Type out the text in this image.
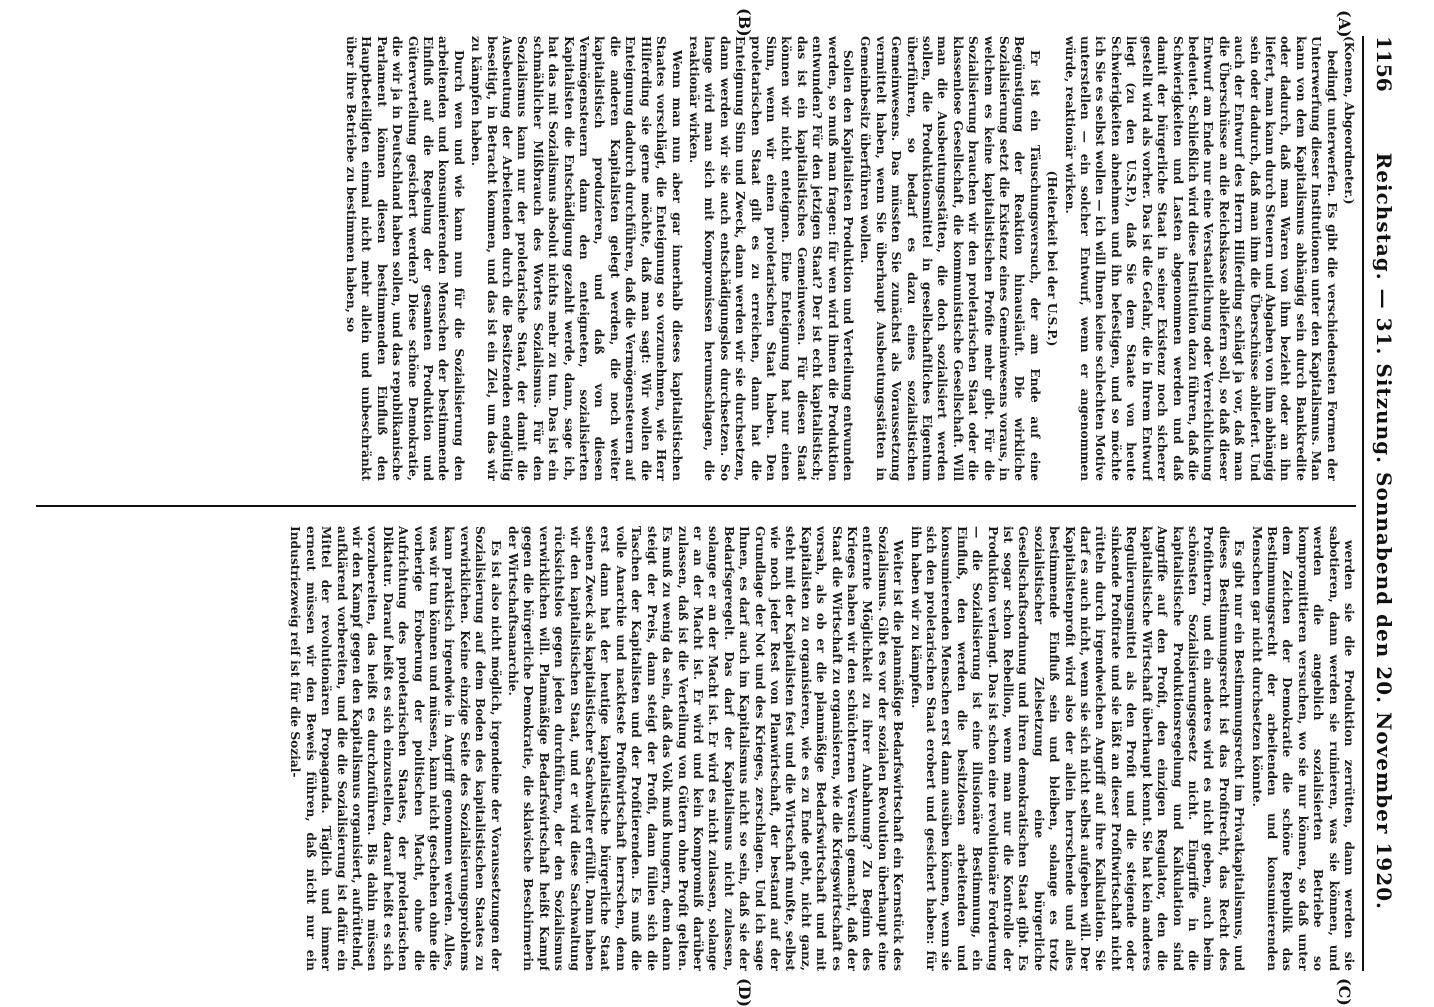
1156
Reichstag. — 31. Sitzung. Sonnabend den 20. November 1920.
(A)
(B)
(C)
(D)

(Koenen, Abgeordneter.)

bedingt unterwerfen. Es gibt die verschiedensten Formen der Unterwerfung dieser Institutionen unter den Kapitalismus. Man kann von dem Kapitalismus abhängig sein durch Bankkredite oder dadurch, daß man Waren von ihm bezieht oder an ihn liefert, man kann durch Steuern und Abgaben von ihm abhängig sein oder dadurch, daß man ihm die Überschüsse abliefert. Und auch der Entwurf des Herrn Hilferding schlägt ja vor, daß man die Überschüsse an die Reichskasse abliefern soll, so daß dieser Entwurf am Ende nur eine Verstaatlichung oder Verreichlichung bedeutet. Schließlich wird diese Institution dazu führen, daß die Schwierigkeiten und Lasten abgenommen werden und daß damit der bürgerliche Staat in seiner Existenz noch sicherer gestellt wird als vorher. Das ist die Gefahr, die in Ihrem Entwurf liegt (zu den U.S.P.), daß Sie dem Staate von heute Schwierigkeiten abnehmen und ihn befestigen, und so möchte ich Sie es selbst wollen — ich will Ihnen keine schlechten Motive unterstellen — ein solcher Entwurf, wenn er angenommen würde, reaktionär wirken.

(Heiterkeit bei der U.S.P.)

Er ist ein Täuschungsversuch, der am Ende auf eine Begünstigung der Reaktion hinausläuft. Die wirkliche Sozialisierung setzt die Existenz eines Gemeinwesens voraus, in welchem es keine kapitalistischen Profite mehr gibt. Für die Sozialisierung brauchen wir den proletarischen Staat oder die klassenlose Gesellschaft, die kommunistische Gesellschaft. Will man die Ausbeutungsstätten, die doch sozialisiert werden sollen, die Produktionsmittel in gesellschaftliches Eigentum überführen, so bedarf es dazu eines sozialistischen Gemeinwesens. Das müssten Sie zunächst als Voraussetzung vermittelt haben, wenn Sie überhaupt Ausbeutungsstätten in Gemeinbesitz überführen wollen.

Sollen den Kapitalisten Produktion und Verteilung entwunden werden, so muß man fragen: für wen wird ihnen die Produktion entwunden? Für den jetzigen Staat? Der ist echt kapitalistisch; das ist ein kapitalistisches Gemeinwesen. Für diesen Staat können wir nicht enteignen. Eine Enteignung hat nur einen Sinn, wenn wir einen proletarischen Staat haben. Den proletarischen Staat gilt es zu erreichen, dann hat die Enteignung Sinn und Zweck, dann werden wir sie durchsetzen, dann werden wir sie auch entschädigungslos durchsetzen. So lange wird man sich mit Kompromissen herumschlagen, die reaktionär wirken.

Wenn man nun aber gar innerhalb dieses kapitalistischen Staates vorschlägt, die Enteignung so vorzunehmen, wie Herr Hilferding sie gerne möchte, daß man sagt: Wir wollen die Enteignung dadurch durchführen, daß die Vermögensteuern auf die anderen Kapitalisten gelegt werden, die noch weiter kapitalistisch produzieren, und daß von diesen Vermögensteuern dann den enteigneten, sozialisierten Kapitalisten die Entschädigung gezahlt werde, dann, sage ich, hat das mit Sozialismus absolut nichts mehr zu tun. Das ist ein schmählicher Mißbrauch des Wortes Sozialismus. Für den Sozialismus kann nur der proletarische Staat, der damit die Ausbeutung der Arbeitenden durch die Besitzenden endgültig beseitigt, in Betracht kommen, und das ist ein Ziel, um das wir zu kämpfen haben.

Durch wen und wie kann nun für die Sozialisierung den arbeitenden und konsumierenden Menschen der bestimmende Einfluß auf die Regelung der gesamten Produktion und Güterverteilung gesichert werden? Diese schöne Demokratie, die wir ja in Deutschland haben sollen, und das republikanische Parlament können diesen bestimmenden Einfluß den Hauptbeteiligten einmal nicht mehr allein und unbeschränkt über ihre Betriebe zu bestimmen haben, so

werden sie die Produktion zerrütten, dann werden sie sabotieren, dann werden sie ruinieren, was sie können, und werden die angeblich sozialisierten Betriebe so kompromittieren versuchen, wo sie nur können, so daß unter dem Zeichen der Demokratie die schöne Republik das Bestimmungsrecht der arbeitenden und konsumierenden Menschen gar nicht durchsetzen könnte.

Es gibt nur ein Bestimmungsrecht im Privatkapitalismus, und dieses Bestimmungsrecht ist das Profitrecht, das Recht des Profitherrn, und ein anderes wird es nicht geben, auch beim schönsten Sozialisierungsgesetz nicht. Eingriffe in die kapitalistische Produktionsregelung und Kalkulation sind Angriffe auf den Profit, den einzigen Regulator, den die kapitalistische Wirtschaft überhaupt kennt. Sie hat kein anderes Regulierungsmittel als den Profit und die steigende oder sinkende Profitrate und sie läßt an dieser Profitwirtschaft nicht rütteln durch irgendwelchen Angriff auf ihre Kalkulation. Sie darf es auch nicht, wenn sie sich nicht selbst aufgeben will. Der Kapitalistenprofit wird also der allein herrschende und alles bestimmende Einfluß sein und bleiben, solange es trotz sozialistischer Zielsetzung eine bürgerliche Gesellschaftsordnung und ihren demokratischen Staat gibt. Es ist sogar schon Rebellion, wenn man nur die Kontrolle der Produktion verlangt. Das ist schon eine revolutionäre Forderung — die Sozialisierung ist eine illusionäre Bestimmung, ein Einfluß, den werden die besitzlosen arbeitenden und konsumierenden Menschen erst dann ausüben können, wenn sie sich den proletarischen Staat erobert und gesichert haben: für ihn haben wir zu kämpfen.

Weiter ist die planmäßige Bedarfswirtschaft ein Kernstück des Sozialismus. Gibt es vor der sozialen Revolution überhaupt eine entfernte Möglichkeit zu ihrer Anbahnung? Zu Beginn des Krieges haben wir den schüchternen Versuch gemacht, daß der Staat die Wirtschaft zu organisieren, wie die Kriegswirtschaft es vorsah, als ob er die planmäßige Bedarfswirtschaft und mit Kapitalisten zu organisieren, wie es zu Ende geht, nicht ganz, steht mit der Kapitalisten fest und die Wirtschaft mußte, selbst wie noch jeder Rest von Planwirtschaft, der bestand auf der Grundlage der Not und des Krieges, zerschlagen. Und ich sage Ihnen, es darf auch im Kapitalismus nicht so sein, daß sie der Bedarfsgeregelt. Das darf der Kapitalismus nicht zulassen, solange er an der Macht ist. Er wird es nicht zulassen, solange er an der Macht ist. Er wird und kein Kompromiß darüber zulassen, daß ist die Verteilung von Gütern ohne Profit gelten. Es muß zu wenig da sein, daß das Volk muß hungern, denn dann steigt der Preis, dann steigt der Profit, dann füllen sich die Taschen der Kapitalisten und der Profitierenden. Es muß die volle Anarchie und nackteste Profitwirtschaft herrschen, denn erst dann hat der heutige kapitalistische bürgerliche Staat seinen Zweck als kapitalistischer Sachwalter erfüllt. Dann haben wir den kapitalistischen Staat, und er wird diese Sachwaltung rücksichtslos gegen jeden durchführen, der den Sozialismus verwirklichen will. Planmäßige Bedarfswirtschaft heißt Kampf gegen die bürgerliche Demokratie, die sklavische Beschirmerin der Wirtschaftsanarchie.

Es ist also nicht möglich, irgendeine der Voraussetzungen der Sozialisierung auf dem Boden des kapitalistischen Staates zu verwirklichen. Keine einzige Seite des Sozialisierungsproblems kann praktisch irgendwie in Angriff genommen werden. Alles, was wir tun können und müssen, kann nicht geschehen ohne die vorherige Eroberung der politischen Macht, ohne die Aufrichtung des proletarischen Staates, der proletarischen Diktatur. Darauf heißt es sich einzustellen, darauf heißt es sich vorzubereiten, das heißt es durchzuführen. Bis dahin müssen wir den Kampf gegen den Kapitalismus organisiert, aufrüttelnd, aufklärend vorbereiten, und die die Sozialisierung ist dafür ein Mittel der revolutionären Propaganda. Täglich und immer erneut müssen wir den Beweis führen, daß nicht nur ein Industriezweig reif ist für die Sozial-
